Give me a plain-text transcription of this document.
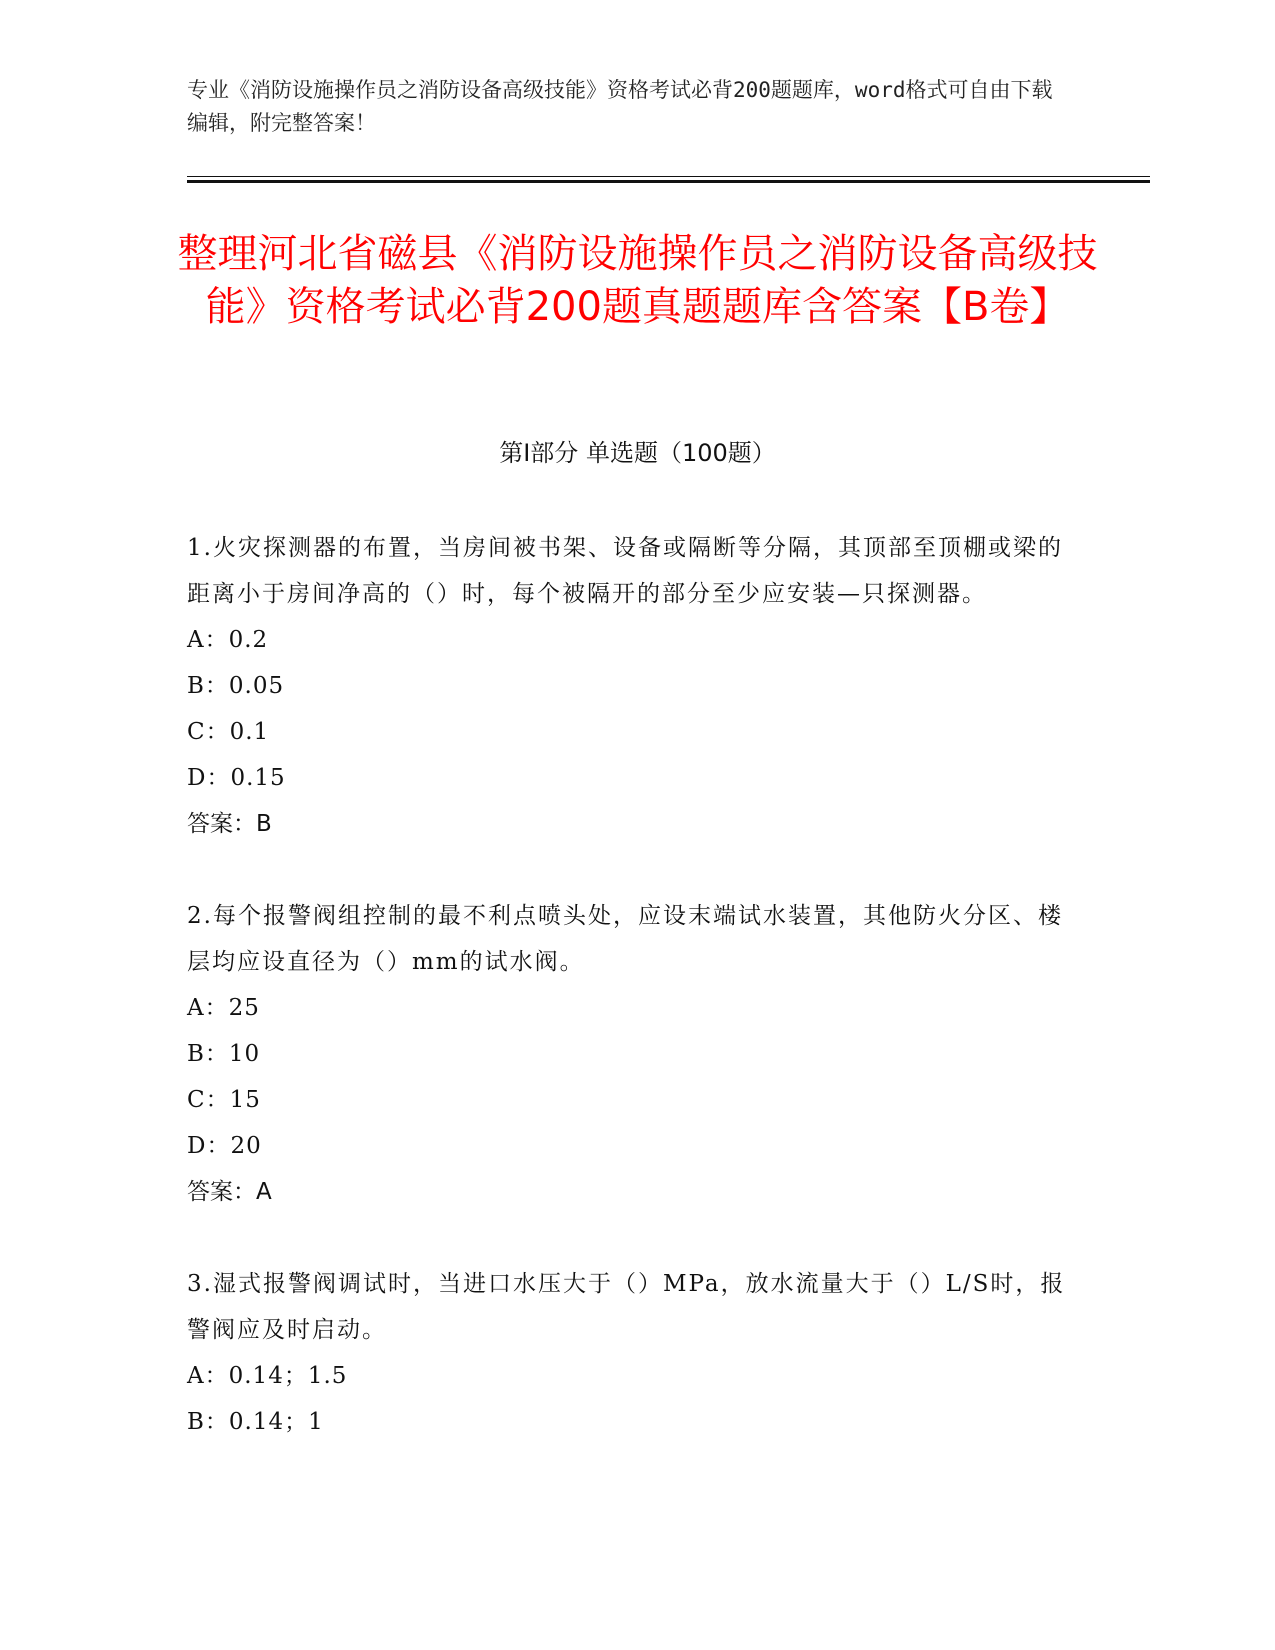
专业《消防设施操作员之消防设备高级技能》资格考试必背200题题库，word格式可自由下载编辑，附完整答案！
整理河北省磁县《消防设施操作员之消防设备高级技能》资格考试必背200题真题题库含答案【B卷】
第I部分 单选题（100题）
1.火灾探测器的布置，当房间被书架、设备或隔断等分隔，其顶部至顶棚或梁的距离小于房间净高的（）时，每个被隔开的部分至少应安装—只探测器。
A：0.2
B：0.05
C：0.1
D：0.15
答案：B
2.每个报警阀组控制的最不利点喷头处，应设末端试水装置，其他防火分区、楼层均应设直径为（）mm的试水阀。
A：25
B：10
C：15
D：20
答案：A
3.湿式报警阀调试时，当进口水压大于（）MPa，放水流量大于（）L/S时，报警阀应及时启动。
A：0.14；1.5
B：0.14；1
